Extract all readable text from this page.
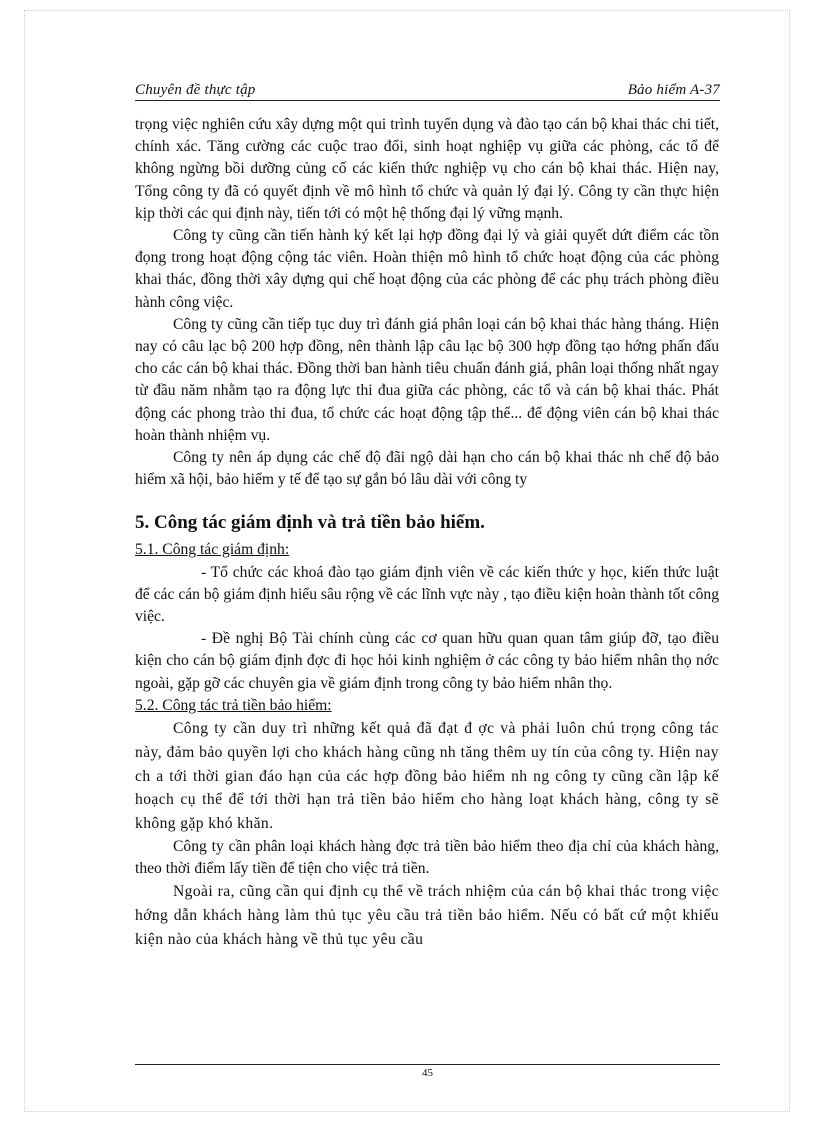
Chuyên đề thực tập	Bảo hiểm A-37

trọng việc nghiên cứu xây dựng một qui trình tuyển dụng và đào tạo cán bộ khai thác chi tiết, chính xác. Tăng cường các cuộc trao đổi, sinh hoạt nghiệp vụ giữa các phòng, các tổ để không ngừng bồi dưỡng củng cố các kiến thức nghiệp vụ cho cán bộ khai thác. Hiện nay, Tổng công ty đã có quyết định về mô hình tổ chức và quản lý đại lý. Công ty cần thực hiện kịp thời các qui định này, tiến tới có một hệ thống đại lý vững mạnh.

Công ty cũng cần tiến hành ký kết lại hợp đồng đại lý và giải quyết dứt điểm các tồn đọng trong hoạt động cộng tác viên. Hoàn thiện mô hình tổ chức hoạt động của các phòng khai thác, đồng thời xây dựng qui chế hoạt động của các phòng để các phụ trách phòng điều hành công việc.

Công ty cũng cần tiếp tục duy trì đánh giá phân loại cán bộ khai thác hàng tháng. Hiện nay có câu lạc bộ 200 hợp đồng, nên thành lập câu lạc bộ 300 hợp đồng tạo hớng phấn đấu cho các cán bộ khai thác. Đồng thời ban hành tiêu chuẩn đánh giá, phân loại thống nhất ngay từ đầu năm nhằm tạo ra động lực thi đua giữa các phòng, các tổ và cán bộ khai thác. Phát động các phong trào thi đua, tổ chức các hoạt động tập thể... để động viên cán bộ khai thác hoàn thành nhiệm vụ.

Công ty nên áp dụng các chế độ đãi ngộ dài hạn cho cán bộ khai thác nh chế độ bảo hiểm xã hội, bảo hiểm y tế để tạo sự gắn bó lâu dài với công ty

5. Công tác giám định và trả tiền bảo hiểm.

5.1. Công tác giám định:

- Tổ chức các khoá đào tạo giám định viên về các kiến thức y học, kiến thức luật để các cán bộ giám định hiểu sâu rộng về các lĩnh vực này , tạo điều kiện hoàn thành tốt công việc.

- Đề nghị Bộ Tài chính cùng các cơ quan hữu quan quan tâm giúp đỡ, tạo điều kiện cho cán bộ giám định đợc đi học hỏi kinh nghiệm ở các công ty bảo hiểm nhân thọ nớc ngoài, gặp gỡ các chuyên gia về giám định trong công ty bảo hiểm nhân thọ.

5.2. Công tác trả tiền bảo hiểm:

Công ty cần duy trì những kết quả đã đạt đ ợc và phải luôn chú trọng công tác này, đảm bảo quyền lợi cho khách hàng cũng nh tăng thêm uy tín của công ty. Hiện nay ch a tới thời gian đáo hạn của các hợp đồng bảo hiểm nh ng công ty cũng cần lập kế hoạch cụ thể để tới thời hạn trả tiền bảo hiểm cho hàng loạt khách hàng, công ty sẽ không gặp khó khăn.

Công ty cần phân loại khách hàng đợc trả tiền bảo hiểm theo địa chỉ của khách hàng, theo thời điểm lấy tiền để tiện cho việc trả tiền.

Ngoài ra, cũng cần qui định cụ thể về trách nhiệm của cán bộ khai thác trong việc hớng dẫn khách hàng làm thủ tục yêu cầu trả tiền bảo hiểm. Nếu có bất cứ một khiếu kiện nào của khách hàng về thủ tục yêu cầu

45
